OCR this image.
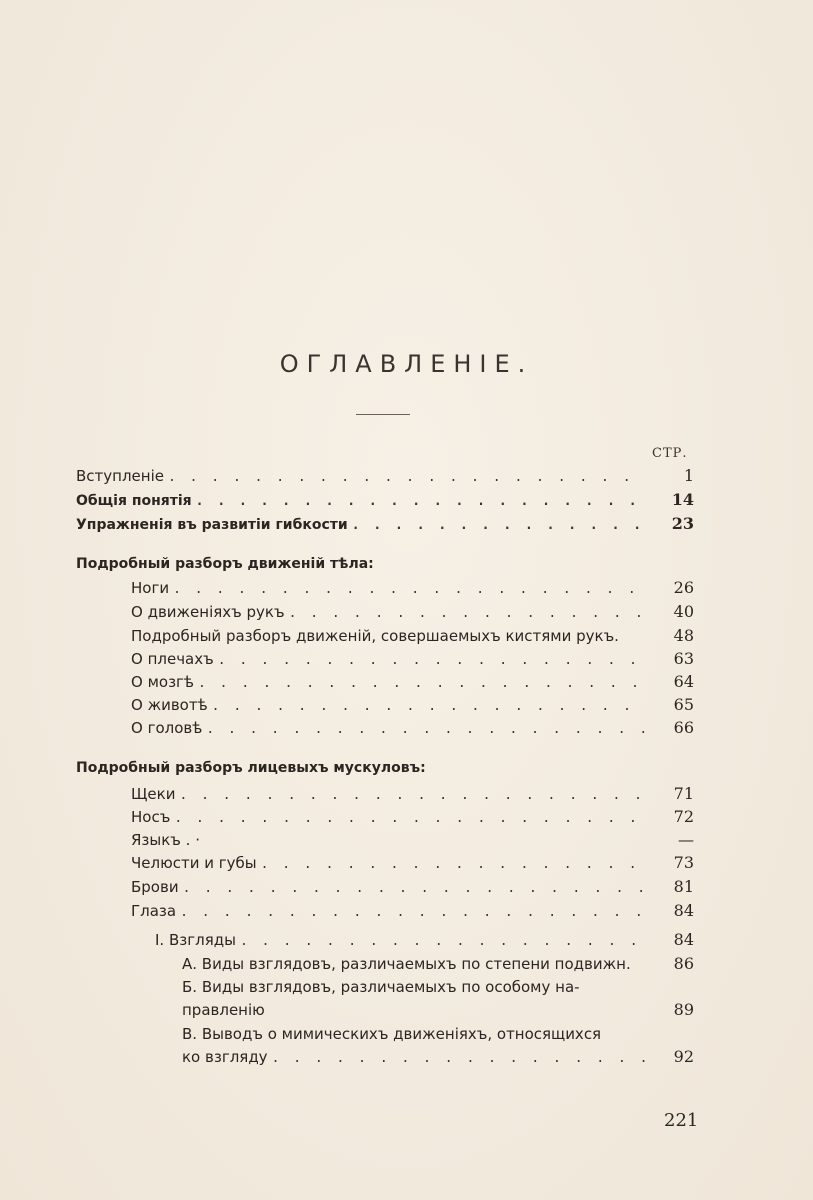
ОГЛАВЛЕНІЕ.
СТР.
Вступленіе . . .	1
Общія понятія . . .	14
Упражненія въ развитіи гибкости . . .	23
Подробный разборъ движеній тѣла:
Ноги . . .	26
О движеніяхъ рукъ . . .	40
Подробный разборъ движеній, совершаемыхъ кистями рукъ.	48
О плечахъ . . .	63
О мозгѣ . . .	64
О животѣ . . .	65
О головѣ . . .	66
Подробный разборъ лицевыхъ мускуловъ:
Щеки . . .	71
Носъ . . .	72
Языкъ . ·	—
Челюсти и губы . . .	73
Брови . . .	81
Глаза . . .	84
I. Взгляды . . .	84
А. Виды взглядовъ, различаемыхъ по степени подвижн.	86
Б. Виды взглядовъ, различаемыхъ по особому на-
правленію	89
В. Выводъ о мимическихъ движеніяхъ, относящихся
ко взгляду . . .	92
221
